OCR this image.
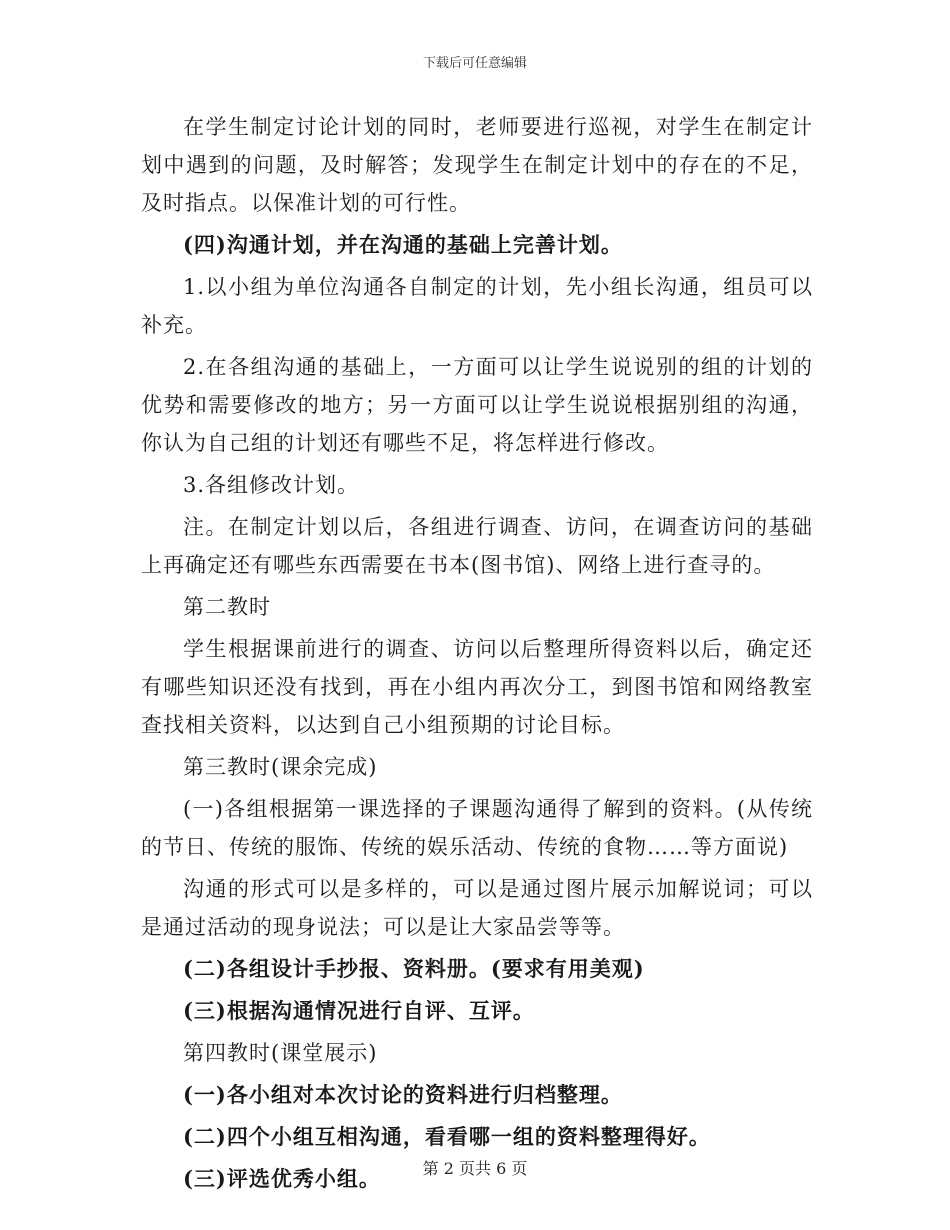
下载后可任意编辑

在学生制定讨论计划的同时，老师要进行巡视，对学生在制定计划中遇到的问题，及时解答；发现学生在制定计划中的存在的不足，及时指点。以保准计划的可行性。

(四)沟通计划，并在沟通的基础上完善计划。

1.以小组为单位沟通各自制定的计划，先小组长沟通，组员可以补充。

2.在各组沟通的基础上，一方面可以让学生说说别的组的计划的优势和需要修改的地方；另一方面可以让学生说说根据别组的沟通，你认为自己组的计划还有哪些不足，将怎样进行修改。

3.各组修改计划。

注。在制定计划以后，各组进行调查、访问，在调查访问的基础上再确定还有哪些东西需要在书本(图书馆)、网络上进行查寻的。

第二教时

学生根据课前进行的调查、访问以后整理所得资料以后，确定还有哪些知识还没有找到，再在小组内再次分工，到图书馆和网络教室查找相关资料，以达到自己小组预期的讨论目标。

第三教时(课余完成)

(一)各组根据第一课选择的子课题沟通得了解到的资料。(从传统的节日、传统的服饰、传统的娱乐活动、传统的食物……等方面说)

沟通的形式可以是多样的，可以是通过图片展示加解说词；可以是通过活动的现身说法；可以是让大家品尝等等。

(二)各组设计手抄报、资料册。(要求有用美观)

(三)根据沟通情况进行自评、互评。

第四教时(课堂展示)

(一)各小组对本次讨论的资料进行归档整理。

(二)四个小组互相沟通，看看哪一组的资料整理得好。

(三)评选优秀小组。	第 2 页共 6 页
